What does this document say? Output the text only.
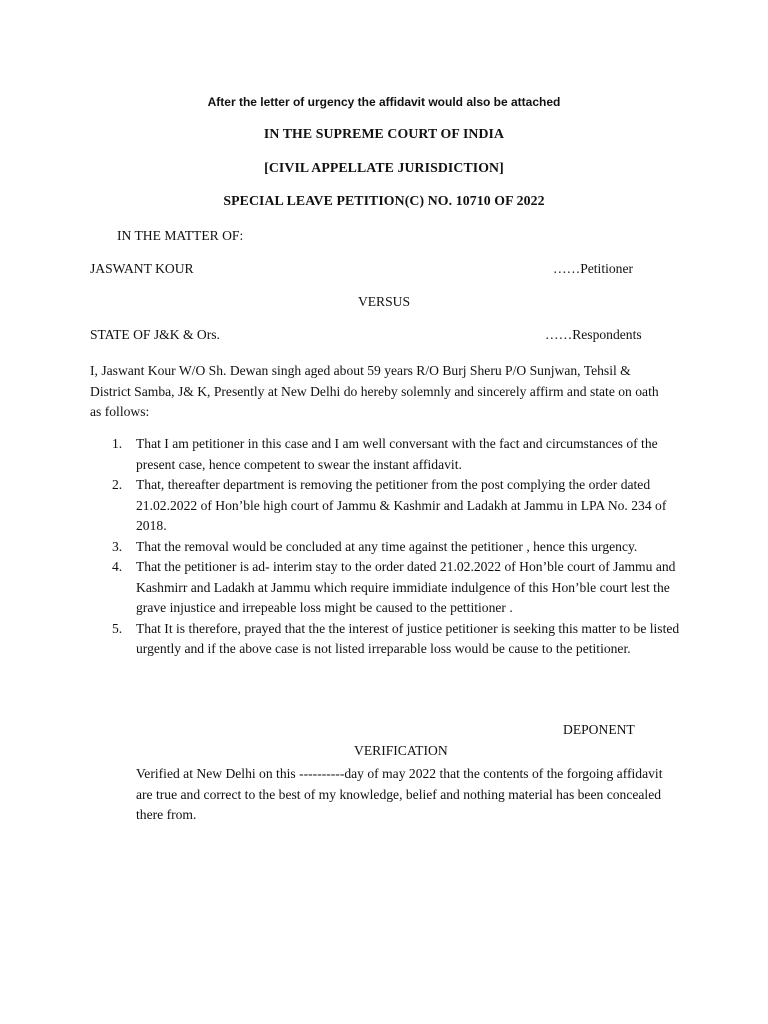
After the letter of urgency the affidavit would also be attached
IN THE SUPREME COURT OF INDIA
[CIVIL APPELLATE JURISDICTION]
SPECIAL LEAVE PETITION(C) NO. 10710 OF 2022
IN THE MATTER OF:
JASWANT KOUR	……Petitioner
VERSUS
STATE OF J&K & Ors.	……Respondents
I, Jaswant Kour W/O Sh. Dewan singh aged about 59 years R/O Burj Sheru P/O Sunjwan, Tehsil & District Samba, J& K, Presently at New Delhi do hereby solemnly and sincerely affirm and state on oath as follows:
1. That I am petitioner in this case and I am well conversant with the fact and circumstances of the present case, hence competent to swear the instant affidavit.
2. That, thereafter department is removing the petitioner from the post complying the order dated 21.02.2022 of Hon’ble high court of Jammu & Kashmir and Ladakh at Jammu in LPA No. 234 of 2018.
3. That the removal would be concluded at any time against the petitioner , hence this urgency.
4. That the petitioner is ad- interim stay to the order dated 21.02.2022 of Hon’ble court of Jammu and Kashmirr and Ladakh at Jammu which require immidiate indulgence of this Hon’ble court lest the grave injustice and irrepeable loss might be caused to the pettitioner .
5. That It is therefore, prayed that the the interest of justice petitioner is seeking this matter to be listed urgently and if the above case is not listed irreparable loss would be cause to the petitioner.
DEPONENT
VERIFICATION
Verified at New Delhi on this ----------day of may 2022 that the contents of the forgoing affidavit are true and correct to the best of my knowledge, belief and nothing material has been concealed there from.
